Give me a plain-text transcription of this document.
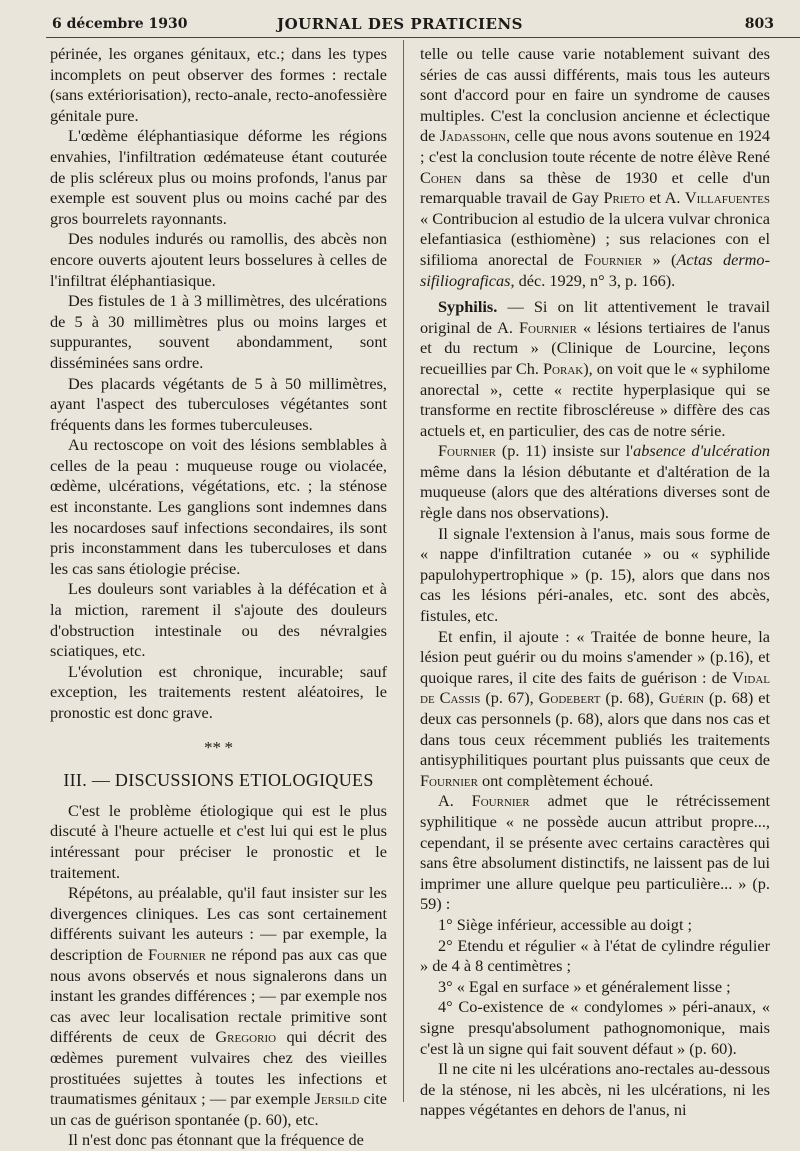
6 décembre 1930	JOURNAL DES PRATICIENS	803

périnée, les organes génitaux, etc.; dans les types incomplets on peut observer des formes : rectale (sans extériorisation), recto-anale, recto-anofessière génitale pure.

L'œdème éléphantiasique déforme les régions envahies, l'infiltration œdémateuse étant couturée de plis scléreux plus ou moins profonds, l'anus par exemple est souvent plus ou moins caché par des gros bourrelets rayonnants.

Des nodules indurés ou ramollis, des abcès non encore ouverts ajoutent leurs bosselures à celles de l'infiltrat éléphantiasique.

Des fistules de 1 à 3 millimètres, des ulcérations de 5 à 30 millimètres plus ou moins larges et suppurantes, souvent abondamment, sont disséminées sans ordre.

Des placards végétants de 5 à 50 millimètres, ayant l'aspect des tuberculoses végétantes sont fréquents dans les formes tuberculeuses.

Au rectoscope on voit des lésions semblables à celles de la peau : muqueuse rouge ou violacée, œdème, ulcérations, végétations, etc. ; la sténose est inconstante. Les ganglions sont indemnes dans les nocardoses sauf infections secondaires, ils sont pris inconstamment dans les tuberculoses et dans les cas sans étiologie précise.

Les douleurs sont variables à la défécation et à la miction, rarement il s'ajoute des douleurs d'obstruction intestinale ou des névralgies sciatiques, etc.

L'évolution est chronique, incurable; sauf exception, les traitements restent aléatoires, le pronostic est donc grave.

** *
III. — DISCUSSIONS ETIOLOGIQUES

C'est le problème étiologique qui est le plus discuté à l'heure actuelle et c'est lui qui est le plus intéressant pour préciser le pronostic et le traitement.

Répétons, au préalable, qu'il faut insister sur les divergences cliniques. Les cas sont certainement différents suivant les auteurs : — par exemple, la description de Fournier ne répond pas aux cas que nous avons observés et nous signalerons dans un instant les grandes différences ; — par exemple nos cas avec leur localisation rectale primitive sont différents de ceux de Gregorio qui décrit des œdèmes purement vulvaires chez des vieilles prostituées sujettes à toutes les infections et traumatismes génitaux ; — par exemple Jersild cite un cas de guérison spontanée (p. 60), etc.

Il n'est donc pas étonnant que la fréquence de

telle ou telle cause varie notablement suivant des séries de cas aussi différents, mais tous les auteurs sont d'accord pour en faire un syndrome de causes multiples. C'est la conclusion ancienne et éclectique de Jadassohn, celle que nous avons soutenue en 1924 ; c'est la conclusion toute récente de notre élève René Cohen dans sa thèse de 1930 et celle d'un remarquable travail de Gay Prieto et A. Villafuentes « Contribucion al estudio de la ulcera vulvar chronica elefantiasica (esthiomène) ; sus relaciones con el sifilioma anorectal de Fournier » (Actas dermo-sifiliograficas, déc. 1929, n° 3, p. 166).

Syphilis. — Si on lit attentivement le travail original de A. Fournier « lésions tertiaires de l'anus et du rectum » (Clinique de Lourcine, leçons recueillies par Ch. Porak), on voit que le « syphilome anorectal », cette « rectite hyperplasique qui se transforme en rectite fibroscléreuse » diffère des cas actuels et, en particulier, des cas de notre série.

Fournier (p. 11) insiste sur l'absence d'ulcération même dans la lésion débutante et d'altération de la muqueuse (alors que des altérations diverses sont de règle dans nos observations).

Il signale l'extension à l'anus, mais sous forme de « nappe d'infiltration cutanée » ou « syphilide papulohypertrophique » (p. 15), alors que dans nos cas les lésions péri-anales, etc. sont des abcès, fistules, etc.

Et enfin, il ajoute : « Traitée de bonne heure, la lésion peut guérir ou du moins s'amender » (p.16), et quoique rares, il cite des faits de guérison : de Vidal de Cassis (p. 67), Godebert (p. 68), Guérin (p. 68) et deux cas personnels (p. 68), alors que dans nos cas et dans tous ceux récemment publiés les traitements antisyphilitiques pourtant plus puissants que ceux de Fournier ont complètement échoué.

A. Fournier admet que le rétrécissement syphilitique « ne possède aucun attribut propre..., cependant, il se présente avec certains caractères qui sans être absolument distinctifs, ne laissent pas de lui imprimer une allure quelque peu particulière... » (p. 59) :

1° Siège inférieur, accessible au doigt ;

2° Etendu et régulier « à l'état de cylindre régulier » de 4 à 8 centimètres ;

3° « Egal en surface » et généralement lisse ;

4° Co-existence de « condylomes » péri-anaux, « signe presqu'absolument pathognomonique, mais c'est là un signe qui fait souvent défaut » (p. 60).

Il ne cite ni les ulcérations ano-rectales au-dessous de la sténose, ni les abcès, ni les ulcérations, ni les nappes végétantes en dehors de l'anus, ni
